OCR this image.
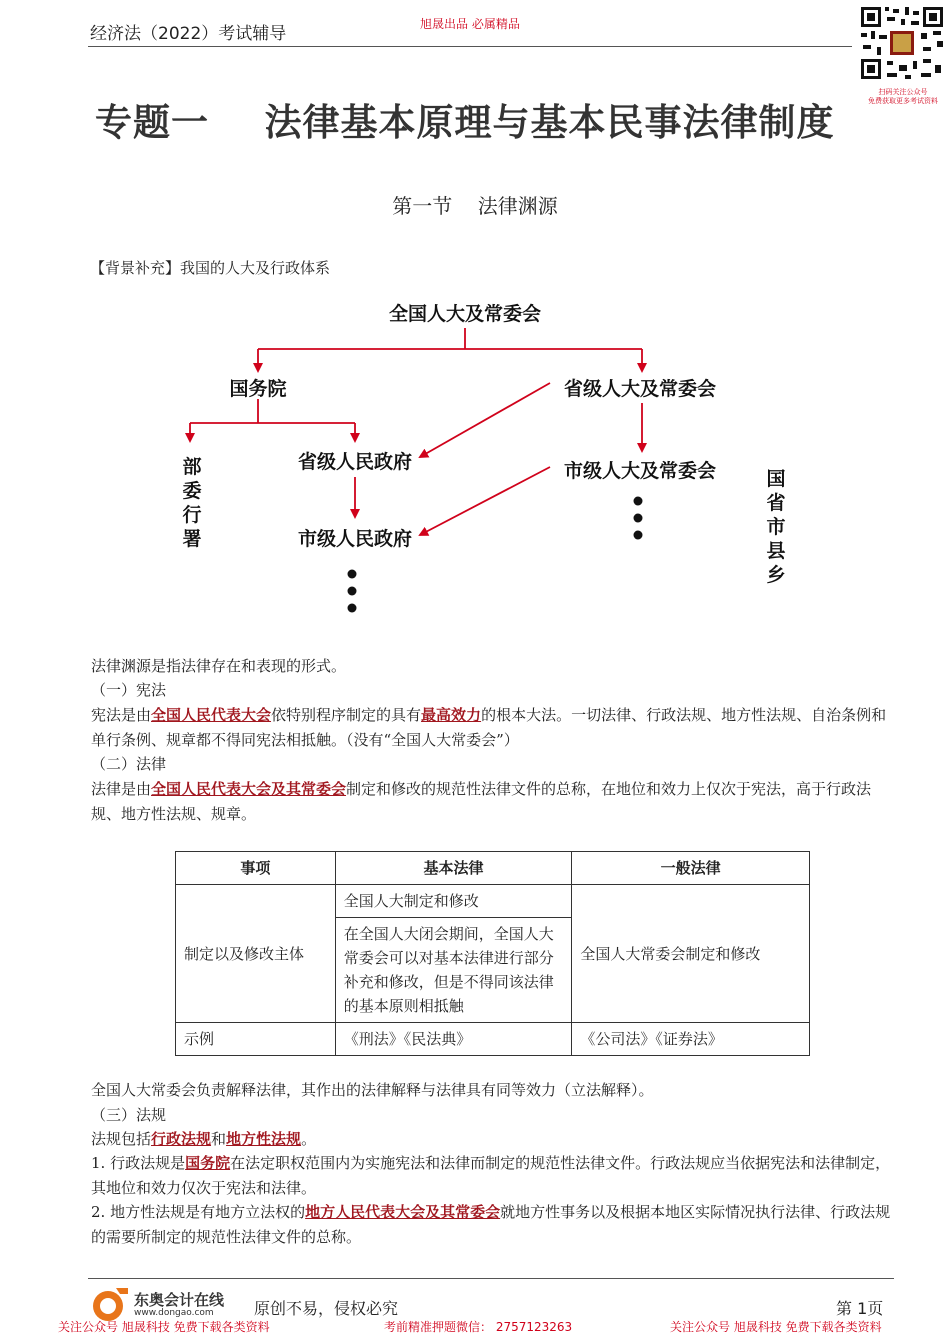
经济法（2022）考试辅导	旭晟出品 必属精品
扫码关注公众号
免费获取更多考试资料
专题一    法律基本原理与基本民事法律制度
第一节    法律渊源
【背景补充】我国的人大及行政体系
全国人大及常委会
国务院	省级人大及常委会
省级人民政府
市级人民政府
市级人大及常委会
部
委
行
署
国
省
市
县
乡
法律渊源是指法律存在和表现的形式。
（一）宪法
宪法是由全国人民代表大会依特别程序制定的具有最高效力的根本大法。一切法律、行政法规、地方性法规、自治条例和单行条例、规章都不得同宪法相抵触。（没有“全国人大常委会”）
（二）法律
法律是由全国人民代表大会及其常委会制定和修改的规范性法律文件的总称，在地位和效力上仅次于宪法，高于行政法规、地方性法规、规章。
事项	基本法律	一般法律
制定以及修改主体	全国人大制定和修改	全国人大常委会制定和修改
	在全国人大闭会期间，全国人大常委会可以对基本法律进行部分补充和修改，但是不得同该法律的基本原则相抵触	
示例	《刑法》《民法典》	《公司法》《证券法》
全国人大常委会负责解释法律，其作出的法律解释与法律具有同等效力（立法解释）。
（三）法规
法规包括行政法规和地方性法规。
1. 行政法规是国务院在法定职权范围内为实施宪法和法律而制定的规范性法律文件。行政法规应当依据宪法和法律制定，其地位和效力仅次于宪法和法律。
2. 地方性法规是有地方立法权的地方人民代表大会及其常委会就地方性事务以及根据本地区实际情况执行法律、行政法规的需要所制定的规范性法律文件的总称。
东奥会计在线
www.dongao.com	原创不易，侵权必究	第 1页
关注公众号 旭晟科技 免费下载各类资料	考前精准押题微信： 2757123263	关注公众号 旭晟科技 免费下载各类资料
